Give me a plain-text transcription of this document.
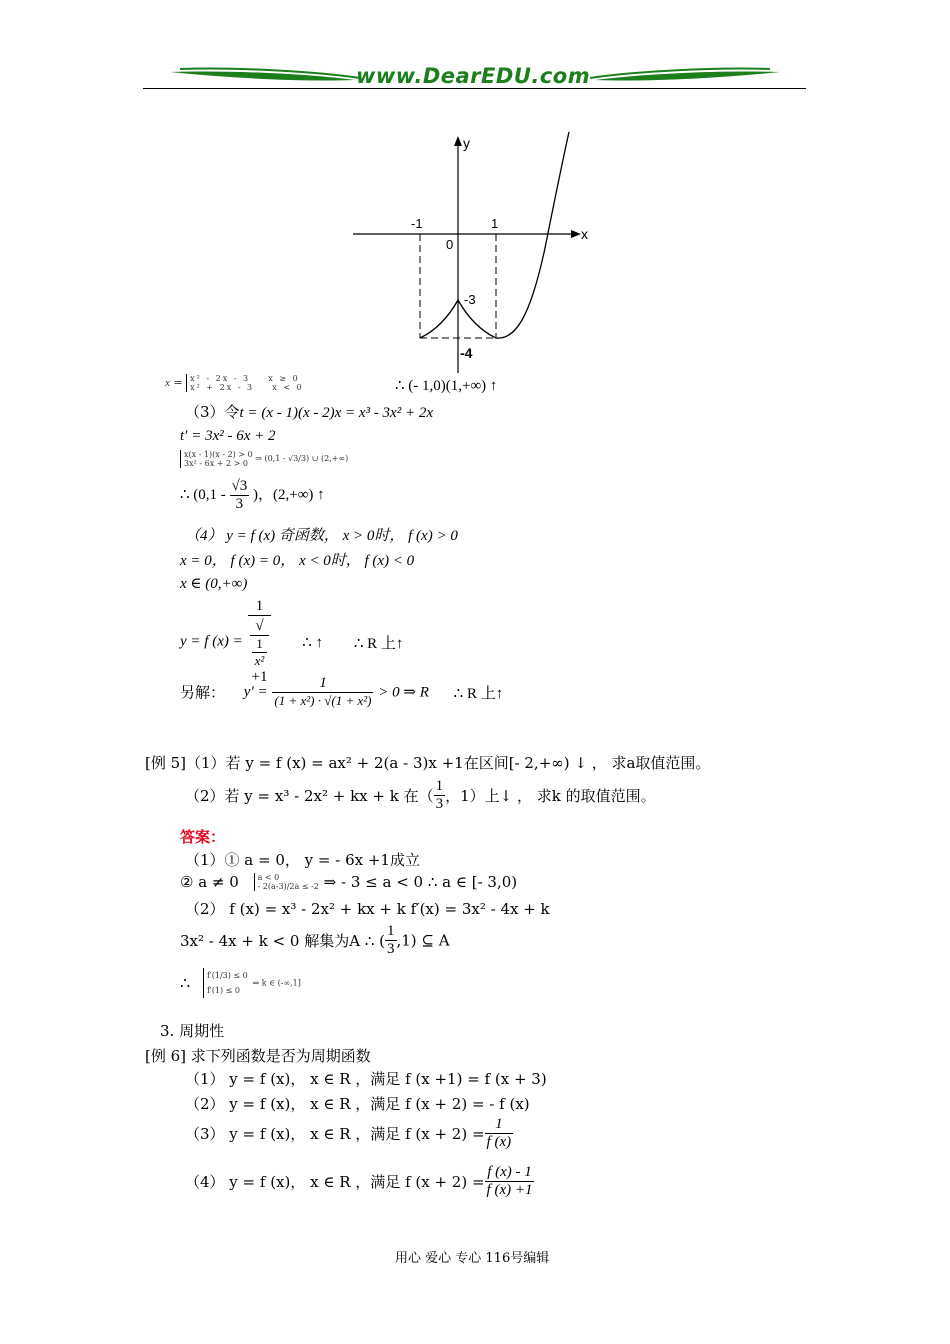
www.DearEDU.com
y
x
-1	1
0
-3
-4
x = x² - 2x - 3    x ≥ 0
x² + 2x - 3    x < 0	∴ (- 1,0)(1,+∞) ↑
（3）令t = (x - 1)(x - 2)x = x³ - 3x² + 2x
t′ = 3x² - 6x + 2
x(x - 1)(x - 2) > 0
3x² - 6x + 2 > 0
⇒ (0,1 - √3/3) ∪ (2,+∞)
∴ ($0,1 - \frac{√3}{3}$ )，(2,+∞) ↑
（4） y = f (x) 奇函数， x > 0时， f (x) > 0
x = 0， f (x) = 0， x < 0时， f (x) < 0
x ∈ (0,+∞)
y = f (x) = 1
√
1
x²
+1 ∴ ↑ ∴ R 上↑
另解： $y' = \frac{1}{\text{(1 + x²) · √(1 + x²)}} > 0$ ⇒ R ∴ R 上↑
[例 5]（1）若 y = f (x) = ax² + 2(a - 3)x +1在区间[- 2,+∞) ↓ ， 求a取值范围。
（2）若 y = x³ - 2x² + kx + k 在（ $\frac{1}{3}$ ，1）上↓ ， 求k 的取值范围。
答案：
（1）① a = 0， y = - 6x +1成立
② a ≠ 0 a < 0
- 2(a-3)/2a ≤ -2 ⇒ - 3 ≤ a < 0 ∴ a ∈ [- 3,0)
（2） f (x) = x³ - 2x² + kx + k f′(x) = 3x² - 4x + k
3x² - 4x + k < 0 解集为A ∴ ( $\frac{1}{3} ,1$) ⊆ A
∴ f′(1/3) ≤ 0
f′(1) ≤ 0
⇒ k ∈ (-∞,1]
3. 周期性
[例 6] 求下列函数是否为周期函数
（1） y = f (x)， x ∈ R ，满足 f (x +1) = f (x + 3)
（2） y = f (x)， x ∈ R ，满足 f (x + 2) = - f (x)
（3） y = f (x)， x ∈ R ，满足 f $(x + 2) = \frac{1}{f (x)}$
（4） y = f (x)， x ∈ R ，满足 f $(x + 2) = \frac{f (x) - 1}{f (x) +1}$
用心 爱心 专心 116号编辑
